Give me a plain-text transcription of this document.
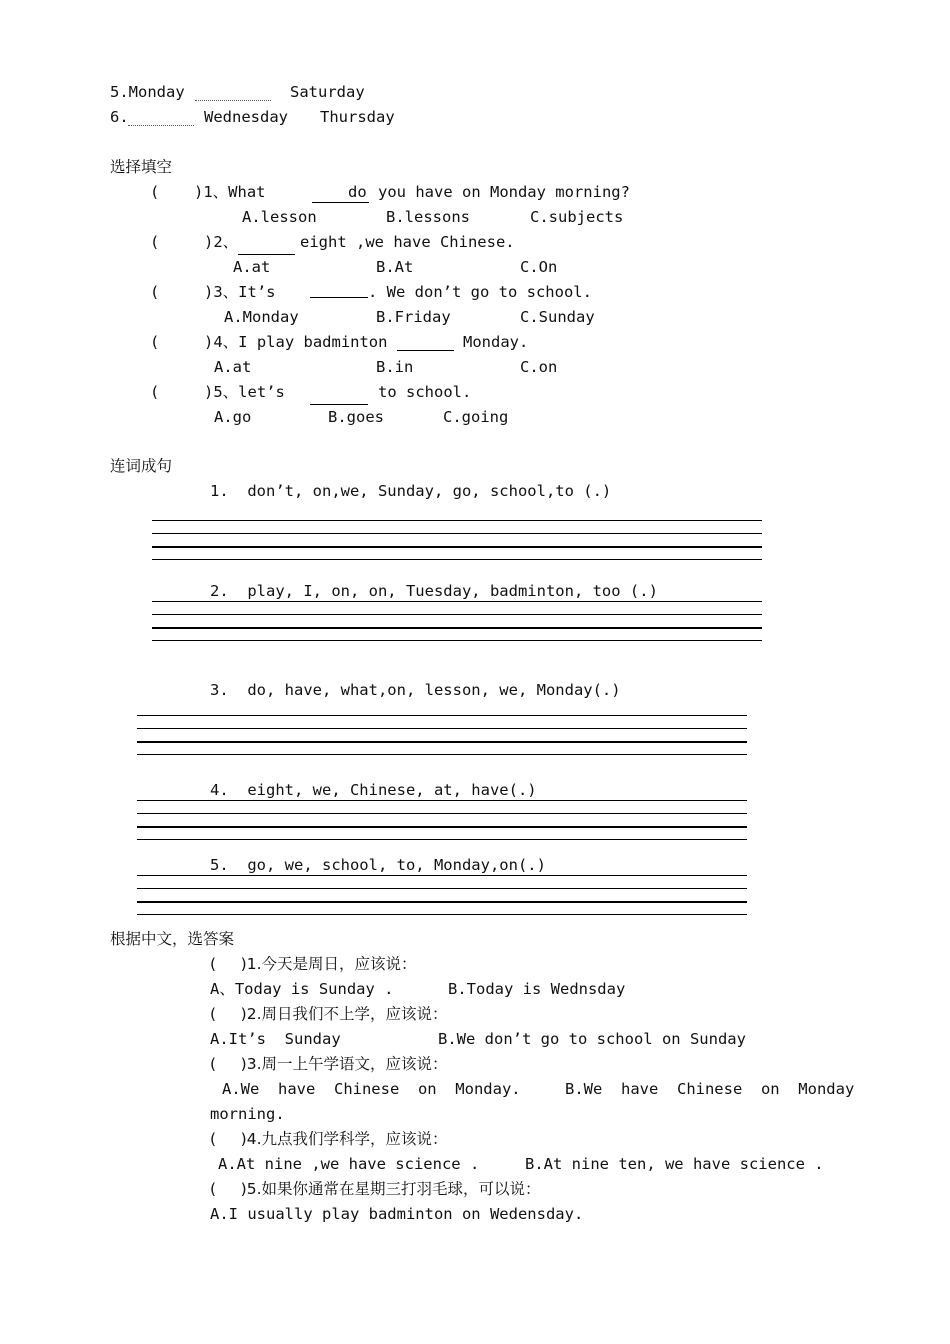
5.Monday	Saturday
6.	Wednesday Thursday
选择填空
( )1、What	do you have on Monday morning?
A.lesson	B.lessons	C.subjects
(	)2、	eight ,we have Chinese.
A.at	B.At	C.On
(	)3、It’s	. We don’t go to school.
A.Monday	B.Friday	C.Sunday
(	)4、I play badminton	Monday.
A.at	B.in	C.on
(	)5、let’s	to school.
A.go	B.goes	C.going
连词成句
1.  don’t, on,we, Sunday, go, school,to (.)
2.  play, I, on, on, Tuesday, badminton, too (.)
3.  do, have, what,on, lesson, we, Monday(.)
4.  eight, we, Chinese, at, have(.)
5.  go, we, school, to, Monday,on(.)
根据中文，选答案
(     )1.今天是周日，应该说：
A、Today is Sunday .	B.Today is Wednsday
(     )2.周日我们不上学，应该说：
A.It’s  Sunday	B.We don’t go to school on Sunday
(     )3.周一上午学语文，应该说：
A.We  have  Chinese  on  Monday.	B.We  have  Chinese  on  Monday
morning.
(     )4.九点我们学科学，应该说：
A.At nine ,we have science .	B.At nine ten, we have science .
(     )5.如果你通常在星期三打羽毛球，可以说：
A.I usually play badminton on Wedensday.
